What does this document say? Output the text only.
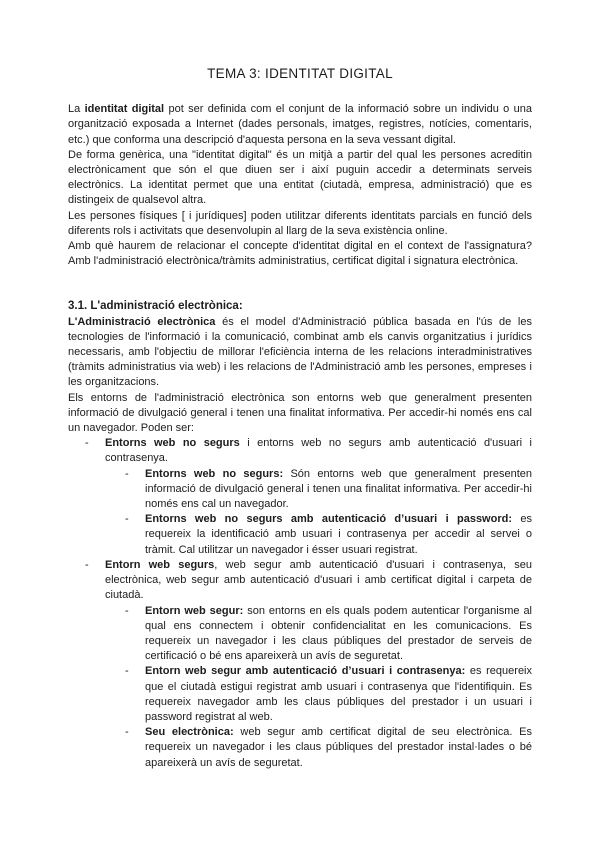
TEMA 3: IDENTITAT DIGITAL

La identitat digital pot ser definida com el conjunt de la informació sobre un individu o una organització exposada a Internet (dades personals, imatges, registres, notícies, comentaris, etc.) que conforma una descripció d'aquesta persona en la seva vessant digital.

De forma genèrica, una "identitat digital" és un mitjà a partir del qual les persones acreditin electrònicament que són el que diuen ser i així puguin accedir a determinats serveis electrònics. La identitat permet que una entitat (ciutadà, empresa, administració) que es distingeix de qualsevol altra.

Les persones físiques [ i jurídiques] poden utilitzar diferents identitats parcials en funció dels diferents rols i activitats que desenvolupin al llarg de la seva existència online.

Amb què haurem de relacionar el concepte d'identitat digital en el context de l'assignatura? Amb l'administració electrònica/tràmits administratius, certificat digital i signatura electrònica.

3.1. L'administració electrònica:

L'Administració electrònica és el model d'Administració pública basada en l'ús de les tecnologies de l'informació i la comunicació, combinat amb els canvis organitzatius i jurídics necessaris, amb l'objectiu de millorar l'eficiència interna de les relacions interadministratives (tràmits administratius via web) i les relacions de l'Administració amb les persones, empreses i les organitzacions.

Els entorns de l'administració electrònica son entorns web que generalment presenten informació de divulgació general i tenen una finalitat informativa. Per accedir-hi només ens cal un navegador. Poden ser:

- Entorns web no segurs i entorns web no segurs amb autenticació d'usuari i contrasenya.
- Entorns web no segurs: Són entorns web que generalment presenten informació de divulgació general i tenen una finalitat informativa. Per accedir-hi només ens cal un navegador.
- Entorns web no segurs amb autenticació d’usuari i password: es requereix la identificació amb usuari i contrasenya per accedir al servei o tràmit. Cal utilitzar un navegador i ésser usuari registrat.
- Entorn web segurs, web segur amb autenticació d'usuari i contrasenya, seu electrònica, web segur amb autenticació d'usuari i amb certificat digital i carpeta de ciutadà.
- Entorn web segur: son entorns en els quals podem autenticar l'organisme al qual ens connectem i obtenir confidencialitat en les comunicacions. Es requereix un navegador i les claus públiques del prestador de serveis de certificació o bé ens apareixerà un avís de seguretat.
- Entorn web segur amb autenticació d’usuari i contrasenya: es requereix que el ciutadà estigui registrat amb usuari i contrasenya que l'identifiquin. Es requereix navegador amb les claus públiques del prestador i un usuari i password registrat al web.
- Seu electrònica: web segur amb certificat digital de seu electrònica. Es requereix un navegador i les claus públiques del prestador instal·lades o bé apareixerà un avís de seguretat.
